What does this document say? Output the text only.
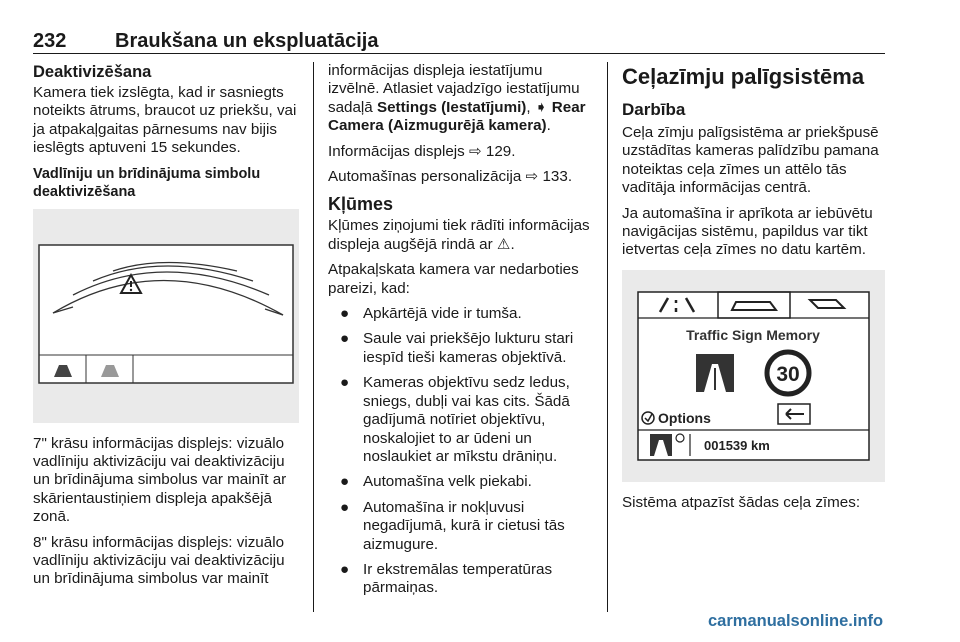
232 Braukšana un ekspluatācija
Deaktivizēšana
Kamera tiek izslēgta, kad ir sasniegts noteikts ātrums, braucot uz priekšu, vai ja atpakaļgaitas pārnesums nav bijis ieslēgts aptuveni 15 sekundes.
Vadlīniju un brīdinājuma simbolu deaktivizēšana
7" krāsu informācijas displejs: vizuālo vadlīniju aktivizāciju vai deaktivizāciju un brīdinājuma simbolus var mainīt ar skārientaustiņiem displeja apakšējā zonā.
8" krāsu informācijas displejs: vizuālo vadlīniju aktivizāciju vai deaktivizāciju un brīdinājuma simbolus var mainīt
informācijas displeja iestatījumu izvēlnē. Atlasiet vajadzīgo iestatījumu sadaļā Settings (Iestatījumi), ➧ Rear Camera (Aizmugurējā kamera).
Informācijas displejs ⇨ 129.
Automašīnas personalizācija ⇨ 133.
Kļūmes
Kļūmes ziņojumi tiek rādīti informācijas displeja augšējā rindā ar ⚠.
Atpakaļskata kamera var nedarboties pareizi, kad:
● Apkārtējā vide ir tumša.
● Saule vai priekšējo lukturu stari iespīd tieši kameras objektīvā.
● Kameras objektīvu sedz ledus, sniegs, dubļi vai kas cits. Šādā gadījumā notīriet objektīvu, noskalojiet to ar ūdeni un noslaukiet ar mīkstu drāniņu.
● Automašīna velk piekabi.
● Automašīna ir nokļuvusi negadījumā, kurā ir cietusi tās aizmugure.
● Ir ekstremālas temperatūras pārmaiņas.
Ceļazīmju palīgsistēma
Darbība
Ceļa zīmju palīgsistēma ar priekšpusē uzstādītas kameras palīdzību pamana noteiktas ceļa zīmes un attēlo tās vadītāja informācijas centrā.
Ja automašīna ir aprīkota ar iebūvētu navigācijas sistēmu, papildus var tikt ietvertas ceļa zīmes no datu kartēm.
Traffic Sign Memory
30
Options
001539 km
Sistēma atpazīst šādas ceļa zīmes:
carmanualsonline.info
